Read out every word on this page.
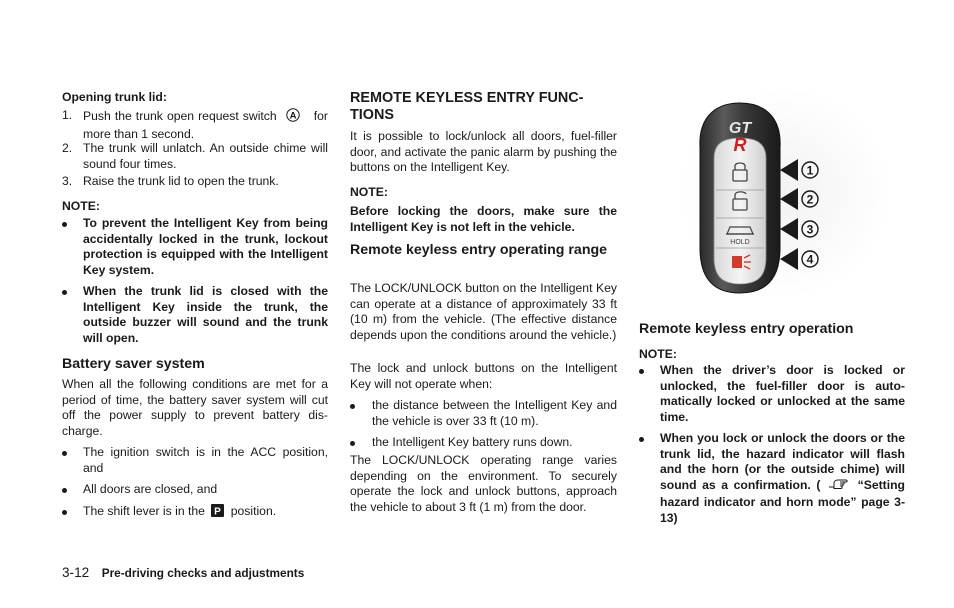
Opening trunk lid:
1. Push the trunk open request switch A for more than 1 second.
2. The trunk will unlatch. An outside chime will sound four times.
3. Raise the trunk lid to open the trunk.
NOTE:
To prevent the Intelligent Key from being accidentally locked in the trunk, lockout protection is equipped with the Intelligent Key system.
When the trunk lid is closed with the Intelligent Key inside the trunk, the outside buzzer will sound and the trunk will open.
Battery saver system
When all the following conditions are met for a period of time, the battery saver system will cut off the power supply to prevent battery dis-charge.
The ignition switch is in the ACC position, and
All doors are closed, and
The shift lever is in the P position.
REMOTE KEYLESS ENTRY FUNC-TIONS
It is possible to lock/unlock all doors, fuel-filler door, and activate the panic alarm by pushing the buttons on the Intelligent Key.
NOTE:
Before locking the doors, make sure the Intelligent Key is not left in the vehicle.
Remote keyless entry operating range
The LOCK/UNLOCK button on the Intelligent Key can operate at a distance of approximately 33 ft (10 m) from the vehicle. (The effective distance depends upon the conditions around the vehicle.)
The lock and unlock buttons on the Intelligent Key will not operate when:
the distance between the Intelligent Key and the vehicle is over 33 ft (10 m).
the Intelligent Key battery runs down.
The LOCK/UNLOCK operating range varies depending on the environment. To securely operate the lock and unlock buttons, approach the vehicle to about 3 ft (1 m) from the door.
GT
R
HOLD
1
2
3
4
Remote keyless entry operation
NOTE:
When the driver’s door is locked or unlocked, the fuel-filler door is auto-matically locked or unlocked at the same time.
When you lock or unlock the doors or the trunk lid, the hazard indicator will flash and the horn (or the outside chime) will sound as a confirmation. (	“Setting hazard indicator and horn mode” page 3-13)
3-12 Pre-driving checks and adjustments
